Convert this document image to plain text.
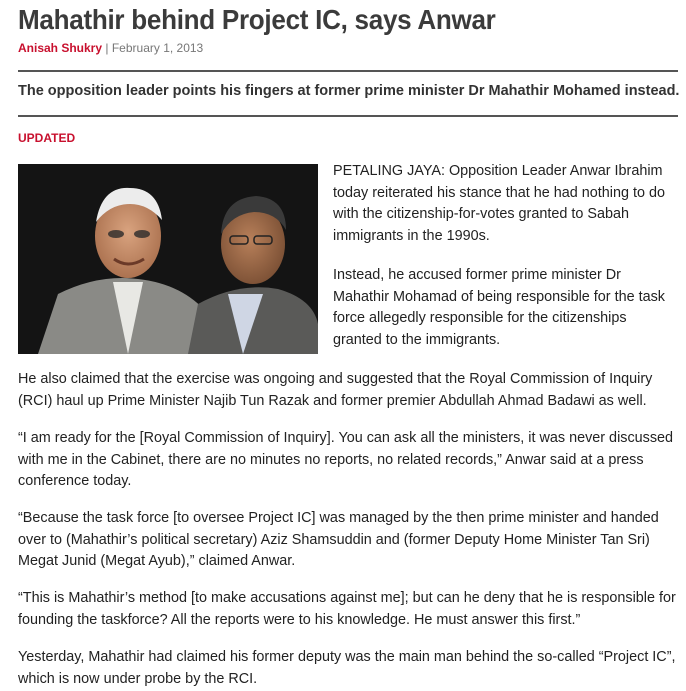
Mahathir behind Project IC, says Anwar
Anisah Shukry | February 1, 2013
The opposition leader points his fingers at former prime minister Dr Mahathir Mohamed instead.
UPDATED

PETALING JAYA: Opposition Leader Anwar Ibrahim today reiterated his stance that he had nothing to do with the citizenship-for-votes granted to Sabah immigrants in the 1990s.

Instead, he accused former prime minister Dr Mahathir Mohamad of being responsible for the task force allegedly responsible for the citizenships granted to the immigrants.

He also claimed that the exercise was ongoing and suggested that the Royal Commission of Inquiry (RCI) haul up Prime Minister Najib Tun Razak and former premier Abdullah Ahmad Badawi as well.

“I am ready for the [Royal Commission of Inquiry]. You can ask all the ministers, it was never discussed with me in the Cabinet, there are no minutes no reports, no related records,” Anwar said at a press conference today.

“Because the task force [to oversee Project IC] was managed by the then prime minister and handed over to (Mahathir’s political secretary) Aziz Shamsuddin and (former Deputy Home Minister Tan Sri) Megat Junid (Megat Ayub),” claimed Anwar.

“This is Mahathir’s method [to make accusations against me]; but can he deny that he is responsible for founding the taskforce? All the reports were to his knowledge. He must answer this first.”

Yesterday, Mahathir had claimed his former deputy was the main man behind the so-called “Project IC”, which is now under probe by the RCI.
